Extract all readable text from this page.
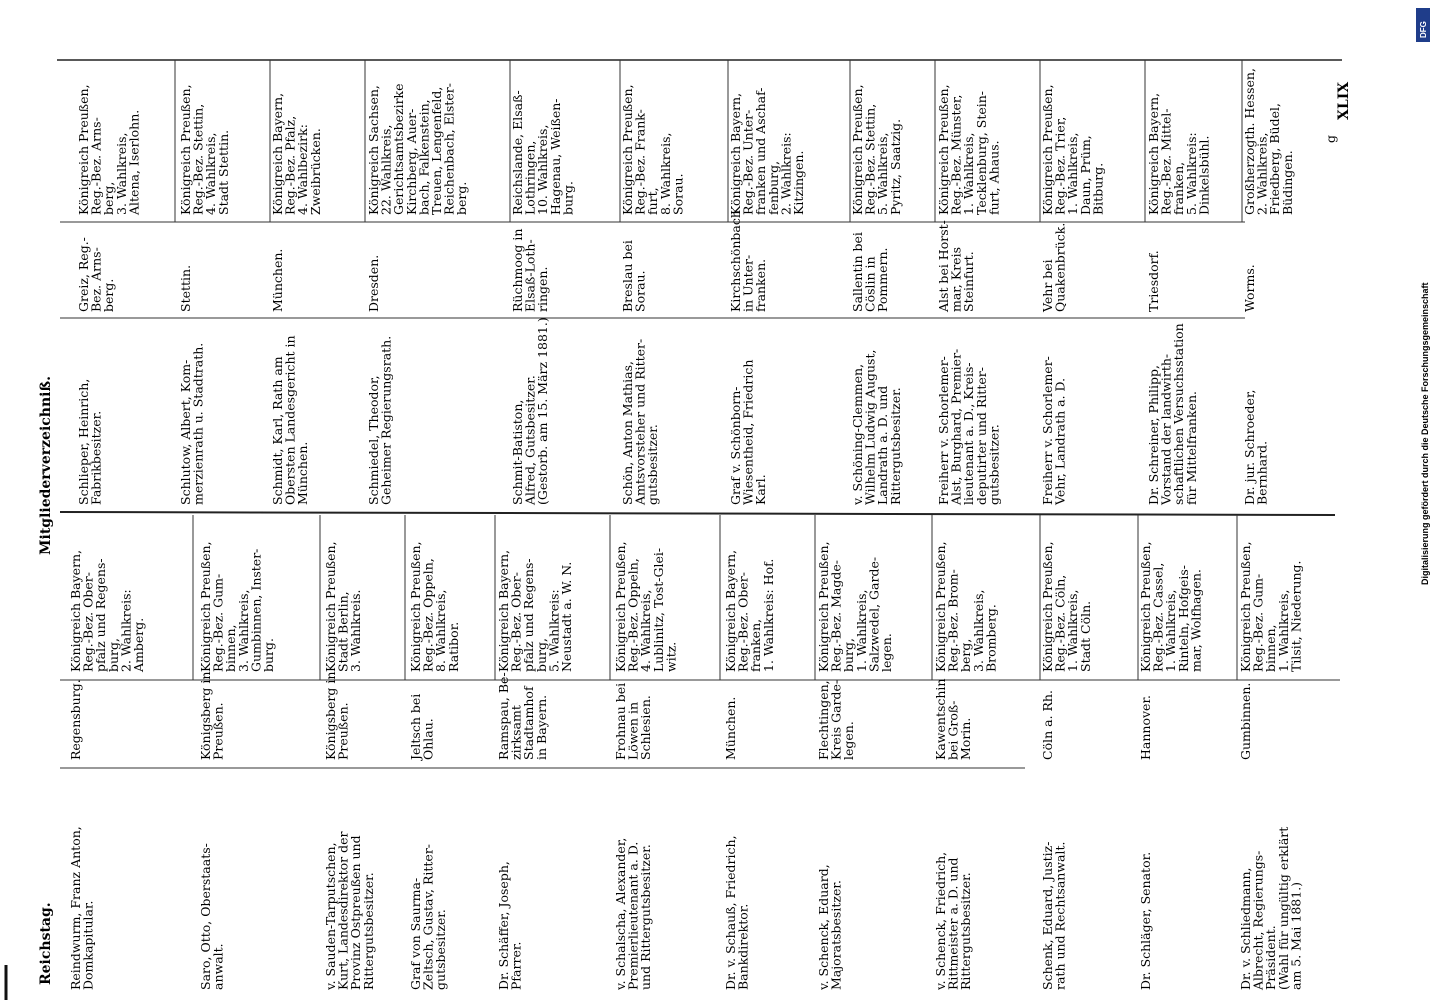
Reichstag.
Mitgliederverzeichniß.
XLIX
g
Reindwurm, Franz Anton,
Domkapitular.
Regensburg.
Königreich Bayern,
Reg.-Bez. Ober-
pfalz und Regens-
burg,
2. Wahlkreis:
Amberg.
Saro, Otto, Oberstaats-
anwalt.
Königsberg in
Preußen.
Königreich Preußen,
Reg.-Bez. Gum-
binnen,
3. Wahlkreis,
Gumbinnen, Inster-
burg.
v. Sauden-Tarputschen,
Kurt, Landesdirektor der
Provinz Ostpreußen und
Rittergutsbesitzer.
Königsberg in
Preußen.
Königreich Preußen,
Stadt Berlin,
3. Wahlkreis.
Graf von Saurma-
Zeltsch, Gustav, Ritter-
gutsbesitzer.
Jeltsch bei
Ohlau.
Königreich Preußen,
Reg.-Bez. Oppeln,
8. Wahlkreis,
Ratibor.
Dr. Schäffer, Joseph,
Pfarrer.
Ramspau, Be-
zirksamt
Stadtamhof
in Bayern.
Königreich Bayern,
Reg.-Bez. Ober-
pfalz und Regens-
burg,
5. Wahlkreis:
Neustadt a. W. N.
v. Schalscha, Alexander,
Premierlieutenant a. D.
und Rittergutsbesitzer.
Frohnau bei
Löwen in
Schlesien.
Königreich Preußen,
Reg.-Bez. Oppeln,
4. Wahlkreis,
Lublinitz, Tost-Glei-
witz.
Dr. v. Schauß, Friedrich,
Bankdirektor.
München.
Königreich Bayern,
Reg.-Bez. Ober-
franken,
1. Wahlkreis: Hof.
v. Schenck, Eduard,
Majoratsbesitzer.
Flechtingen,
Kreis Garde-
legen.
Königreich Preußen,
Reg.-Bez. Magde-
burg,
1. Wahlkreis,
Salzwedel, Garde-
legen.
v. Schenck, Friedrich,
Rittmeister a. D. und
Rittergutsbesitzer.
Kawentschin
bei Groß-
Morin.
Königreich Preußen,
Reg.-Bez. Brom-
berg,
3. Wahlkreis,
Bromberg.
Schenk, Eduard, Justiz-
rath und Rechtsanwalt.
Cöln a. Rh.
Königreich Preußen,
Reg.-Bez. Cöln,
1. Wahlkreis,
Stadt Cöln.
Dr. Schläger, Senator.
Hannover.
Königreich Preußen,
Reg.-Bez. Cassel,
1. Wahlkreis,
Rinteln, Hofgeis-
mar, Wolfhagen.
Dr. v. Schliedmann,
Albrecht, Regierungs-
Präsident.
(Wahl für ungültig erklärt
am 5. Mai 1881.)
Gumbinnen.
Königreich Preußen,
Reg.-Bez. Gum-
binnen,
1. Wahlkreis,
Tilsit, Niederung.
Schlieper, Heinrich,
Fabrikbesitzer.
Greiz, Reg.-
Bez. Arns-
berg.
Königreich Preußen,
Reg.-Bez. Arns-
berg,
3. Wahlkreis,
Altena, Iserlohn.
Schlutow, Albert, Kom-
merzienrath u. Stadtrath.
Stettin.
Königreich Preußen,
Reg.-Bez. Stettin,
4. Wahlkreis,
Stadt Stettin.
Schmidt, Karl, Rath am
Obersten Landesgericht in
München.
München.
Königreich Bayern,
Reg.-Bez. Pfalz,
4. Wahlbezirk:
Zweibrücken.
Schmiedel, Theodor,
Geheimer Regierungsrath.
Dresden.
Königreich Sachsen,
22. Wahlkreis,
Gerichtsamtsbezirke
Kirchberg, Auer-
bach, Falkenstein,
Treuen, Lengenfeld,
Reichenbach, Elster-
berg.
Schmit-Batiston,
Alfred, Gutsbesitzer.
(Gestorb. am 15. März 1881.)
Rüchmoog in
Elsaß-Loth-
ringen.
Reichslande, Elsaß-
Lothringen,
10. Wahlkreis,
Hagenau, Weißen-
burg.
Schön, Anton Mathias,
Amtsvorsteher und Ritter-
gutsbesitzer.
Breslau bei
Sorau.
Königreich Preußen,
Reg.-Bez. Frank-
furt,
8. Wahlkreis,
Sorau.
Graf v. Schönborn-
Wiesentheid, Friedrich
Karl.
Kirchschönbach
in Unter-
franken.
Königreich Bayern,
Reg.-Bez. Unter-
franken und Aschaf-
fenburg,
2. Wahlkreis:
Kitzingen.
v. Schöning-Clemmen,
Wilhelm Ludwig August,
Landrath a. D. und
Rittergutsbesitzer.
Sallentin bei
Cöslin in
Pommern.
Königreich Preußen,
Reg.-Bez. Stettin,
5. Wahlkreis,
Pyritz, Saatzig.
Freiherr v. Schorlemer-
Alst, Burghard, Premier-
lieutenant a. D., Kreis-
deputirter und Ritter-
gutsbesitzer.
Alst bei Horst-
mar, Kreis
Steinfurt.
Königreich Preußen,
Reg.-Bez. Münster,
1. Wahlkreis,
Tecklenburg, Stein-
furt, Ahaus.
Freiherr v. Schorlemer-
Vehr, Landrath a. D.
Vehr bei
Quakenbrück.
Königreich Preußen,
Reg.-Bez. Trier,
1. Wahlkreis,
Daun, Prüm,
Bitburg.
Dr. Schreiner, Philipp,
Vorstand der landwirth-
schaftlichen Versuchsstation
für Mittelfranken.
Triesdorf.
Königreich Bayern,
Reg.-Bez. Mittel-
franken,
5. Wahlkreis:
Dinkelsbühl.
Dr. jur. Schroeder,
Bernhard.
Worms.
Großherzogth. Hessen,
2. Wahlkreis,
Friedberg, Büdel,
Büdingen.
Digitalisierung gefördert durch die Deutsche Forschungsgemeinschaft
DFG
